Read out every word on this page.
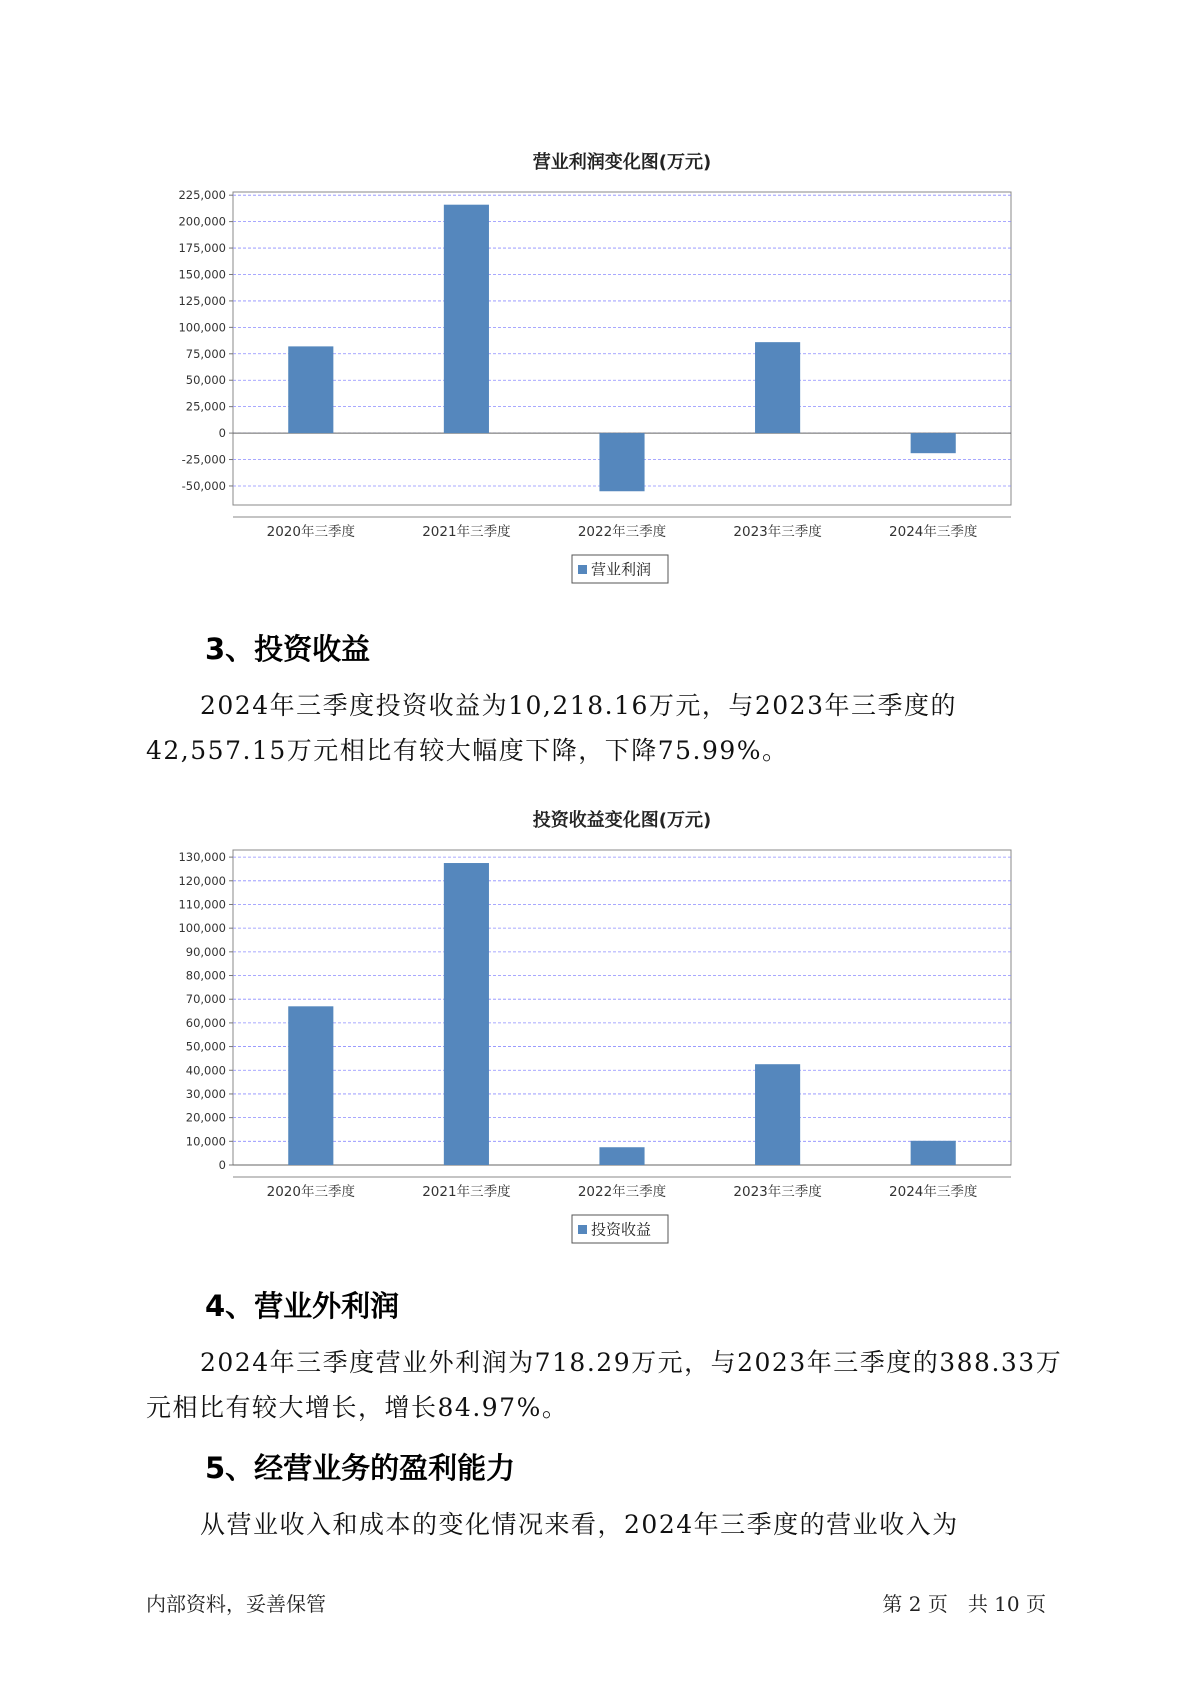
营业利润变化图(万元)
-50,000
-25,000
0
25,000
50,000
75,000
100,000
125,000
150,000
175,000
200,000
225,000
2020年三季度	2021年三季度	2022年三季度	2023年三季度	2024年三季度
营业利润
3、投资收益

2024年三季度投资收益为10,218.16万元，与2023年三季度的42,557.15万元相比有较大幅度下降，下降75.99%。

投资收益变化图(万元)
0
10,000
20,000
30,000
40,000
50,000
60,000
70,000
80,000
90,000
100,000
110,000
120,000
130,000
2020年三季度	2021年三季度	2022年三季度	2023年三季度	2024年三季度
投资收益
4、营业外利润

2024年三季度营业外利润为718.29万元，与2023年三季度的388.33万元相比有较大增长，增长84.97%。

5、经营业务的盈利能力

从营业收入和成本的变化情况来看，2024年三季度的营业收入为

内部资料，妥善保管	第 2 页　共 10 页
